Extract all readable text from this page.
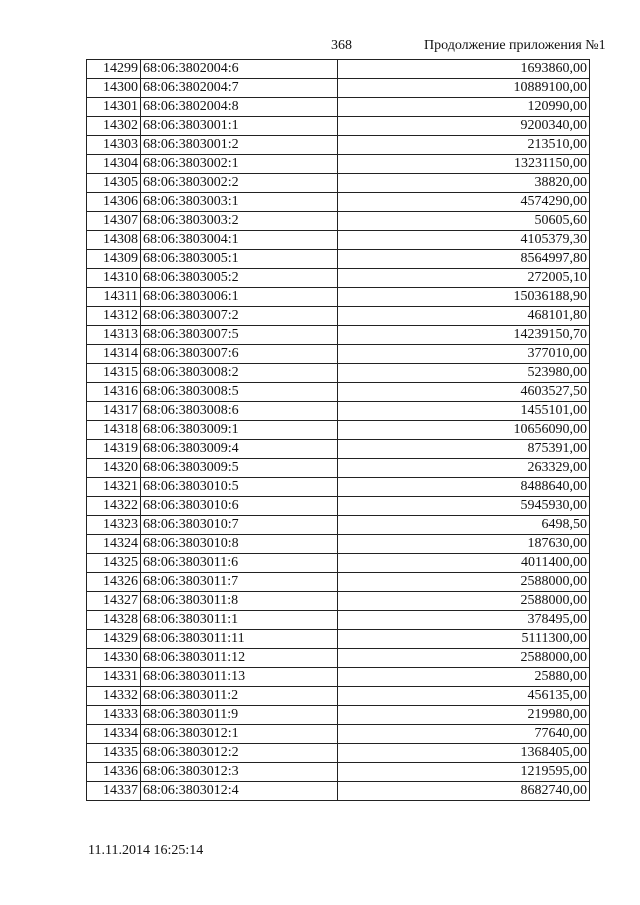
368	Продолжение приложения №1
14299	68:06:3802004:6	1693860,00
14300	68:06:3802004:7	10889100,00
14301	68:06:3802004:8	120990,00
14302	68:06:3803001:1	9200340,00
14303	68:06:3803001:2	213510,00
14304	68:06:3803002:1	13231150,00
14305	68:06:3803002:2	38820,00
14306	68:06:3803003:1	4574290,00
14307	68:06:3803003:2	50605,60
14308	68:06:3803004:1	4105379,30
14309	68:06:3803005:1	8564997,80
14310	68:06:3803005:2	272005,10
14311	68:06:3803006:1	15036188,90
14312	68:06:3803007:2	468101,80
14313	68:06:3803007:5	14239150,70
14314	68:06:3803007:6	377010,00
14315	68:06:3803008:2	523980,00
14316	68:06:3803008:5	4603527,50
14317	68:06:3803008:6	1455101,00
14318	68:06:3803009:1	10656090,00
14319	68:06:3803009:4	875391,00
14320	68:06:3803009:5	263329,00
14321	68:06:3803010:5	8488640,00
14322	68:06:3803010:6	5945930,00
14323	68:06:3803010:7	6498,50
14324	68:06:3803010:8	187630,00
14325	68:06:3803011:6	4011400,00
14326	68:06:3803011:7	2588000,00
14327	68:06:3803011:8	2588000,00
14328	68:06:3803011:1	378495,00
14329	68:06:3803011:11	5111300,00
14330	68:06:3803011:12	2588000,00
14331	68:06:3803011:13	25880,00
14332	68:06:3803011:2	456135,00
14333	68:06:3803011:9	219980,00
14334	68:06:3803012:1	77640,00
14335	68:06:3803012:2	1368405,00
14336	68:06:3803012:3	1219595,00
14337	68:06:3803012:4	8682740,00
11.11.2014 16:25:14
